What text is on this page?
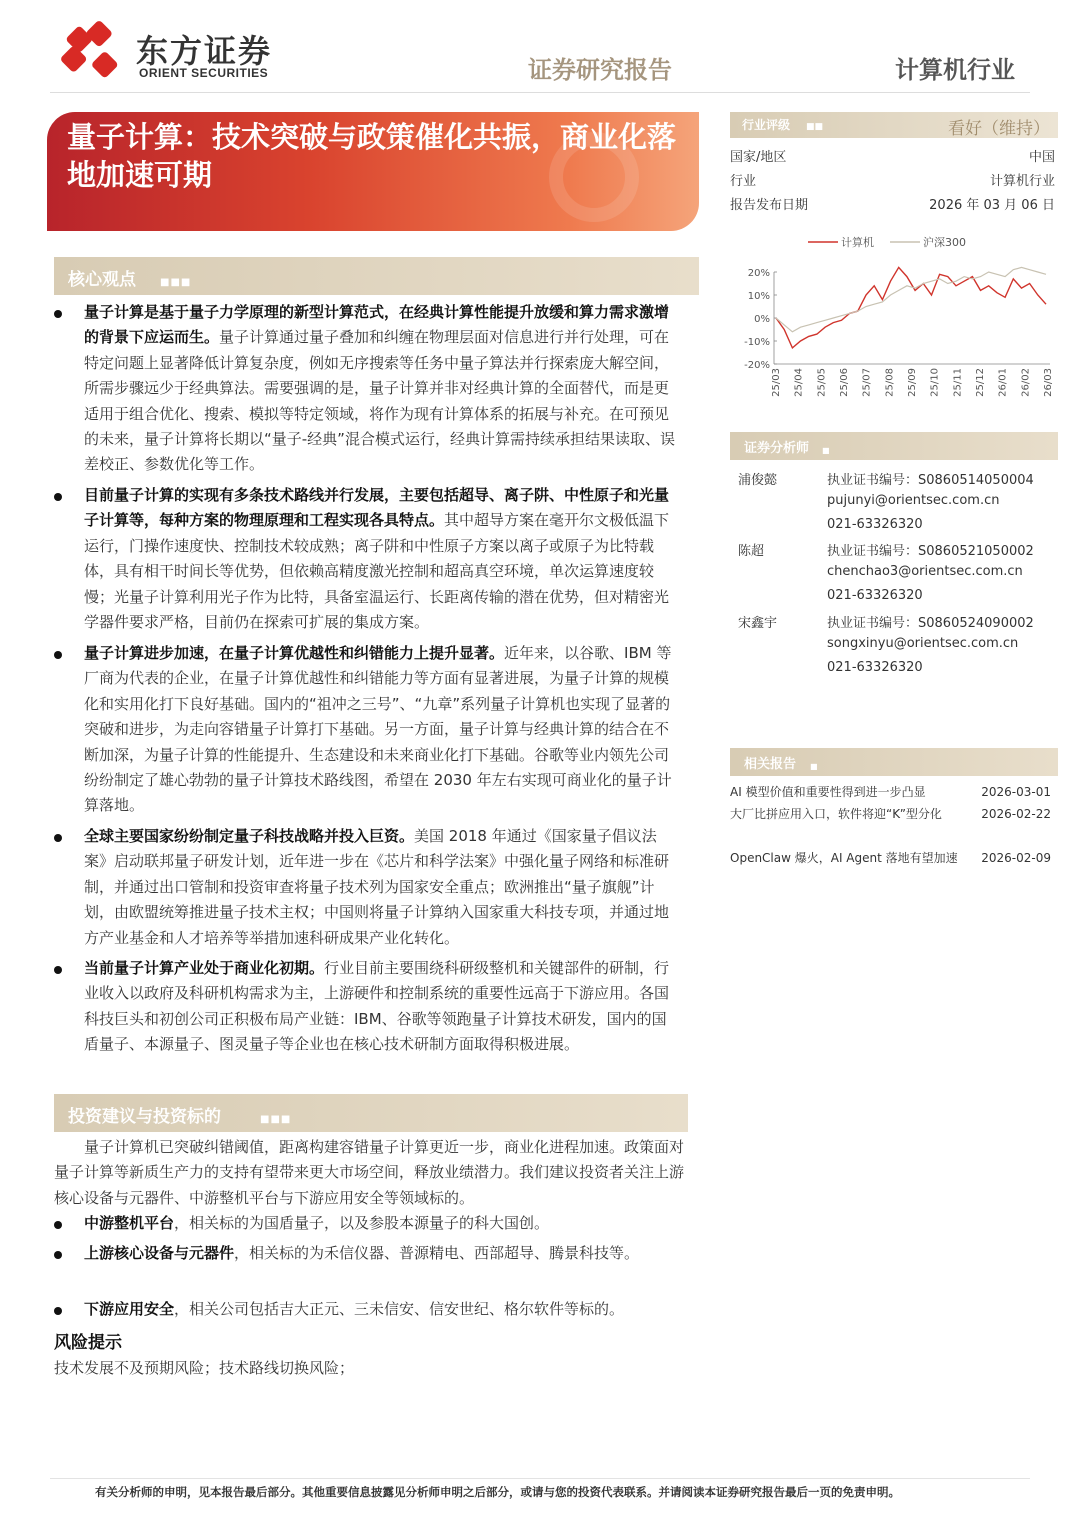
东方证券
ORIENT SECURITIES	证券研究报告	计算机行业
量子计算：技术突破与政策催化共振，商业化落地加速可期
核心观点 ■■■
量子计算是基于量子力学原理的新型计算范式，在经典计算性能提升放缓和算力需求激增的背景下应运而生。量子计算通过量子叠加和纠缠在物理层面对信息进行并行处理，可在特定问题上显著降低计算复杂度，例如无序搜索等任务中量子算法并行探索庞大解空间，所需步骤远少于经典算法。需要强调的是，量子计算并非对经典计算的全面替代，而是更适用于组合优化、搜索、模拟等特定领域，将作为现有计算体系的拓展与补充。在可预见的未来，量子计算将长期以“量子-经典”混合模式运行，经典计算需持续承担结果读取、误差校正、参数优化等工作。
目前量子计算的实现有多条技术路线并行发展，主要包括超导、离子阱、中性原子和光量子计算等，每种方案的物理原理和工程实现各具特点。其中超导方案在毫开尔文极低温下运行，门操作速度快、控制技术较成熟；离子阱和中性原子方案以离子或原子为比特载体，具有相干时间长等优势，但依赖高精度激光控制和超高真空环境，单次运算速度较慢；光量子计算利用光子作为比特，具备室温运行、长距离传输的潜在优势，但对精密光学器件要求严格，目前仍在探索可扩展的集成方案。
量子计算进步加速，在量子计算优越性和纠错能力上提升显著。近年来，以谷歌、IBM 等厂商为代表的企业，在量子计算优越性和纠错能力等方面有显著进展，为量子计算的规模化和实用化打下良好基础。国内的“祖冲之三号”、“九章”系列量子计算机也实现了显著的突破和进步，为走向容错量子计算打下基础。另一方面，量子计算与经典计算的结合在不断加深，为量子计算的性能提升、生态建设和未来商业化打下基础。谷歌等业内领先公司纷纷制定了雄心勃勃的量子计算技术路线图，希望在 2030 年左右实现可商业化的量子计算落地。
全球主要国家纷纷制定量子科技战略并投入巨资。美国 2018 年通过《国家量子倡议法案》启动联邦量子研发计划，近年进一步在《芯片和科学法案》中强化量子网络和标准研制，并通过出口管制和投资审查将量子技术列为国家安全重点；欧洲推出“量子旗舰”计划，由欧盟统筹推进量子技术主权；中国则将量子计算纳入国家重大科技专项，并通过地方产业基金和人才培养等举措加速科研成果产业化转化。
当前量子计算产业处于商业化初期。行业目前主要围绕科研级整机和关键部件的研制，行业收入以政府及科研机构需求为主，上游硬件和控制系统的重要性远高于下游应用。各国科技巨头和初创公司正积极布局产业链：IBM、谷歌等领跑量子计算技术研发，国内的国盾量子、本源量子、图灵量子等企业也在核心技术研制方面取得积极进展。
投资建议与投资标的	■■■
量子计算机已突破纠错阈值，距离构建容错量子计算更近一步，商业化进程加速。政策面对量子计算等新质生产力的支持有望带来更大市场空间，释放业绩潜力。我们建议投资者关注上游核心设备与元器件、中游整机平台与下游应用安全等领域标的。
中游整机平台，相关标的为国盾量子，以及参股本源量子的科大国创。
上游核心设备与元器件，相关标的为禾信仪器、普源精电、西部超导、腾景科技等。
下游应用安全，相关公司包括吉大正元、三未信安、信安世纪、格尔软件等标的。
风险提示
技术发展不及预期风险；技术路线切换风险；
行业评级 ■■	看好（维持）
国家/地区	中国
行业	计算机行业
报告发布日期	2026 年 03 月 06 日
计算机	沪深300
20%
10%
0%
-10%
-20%
25/03 25/04 25/05 25/06 25/07 25/08 25/09 25/10 25/11 25/12 26/01 26/02 26/03
证券分析师 ■
浦俊懿	执业证书编号：S0860514050004
pujunyi@orientsec.com.cn
021-63326320
陈超	执业证书编号：S0860521050002
chenchao3@orientsec.com.cn
021-63326320
宋鑫宇	执业证书编号：S0860524090002
songxinyu@orientsec.com.cn
021-63326320
相关报告 ■
AI 模型价值和重要性得到进一步凸显	2026-03-01
大厂比拼应用入口，软件将迎“K”型分化	2026-02-22
OpenClaw 爆火，AI Agent 落地有望加速	2026-02-09
有关分析师的申明，见本报告最后部分。其他重要信息披露见分析师申明之后部分，或请与您的投资代表联系。并请阅读本证券研究报告最后一页的免责申明。
